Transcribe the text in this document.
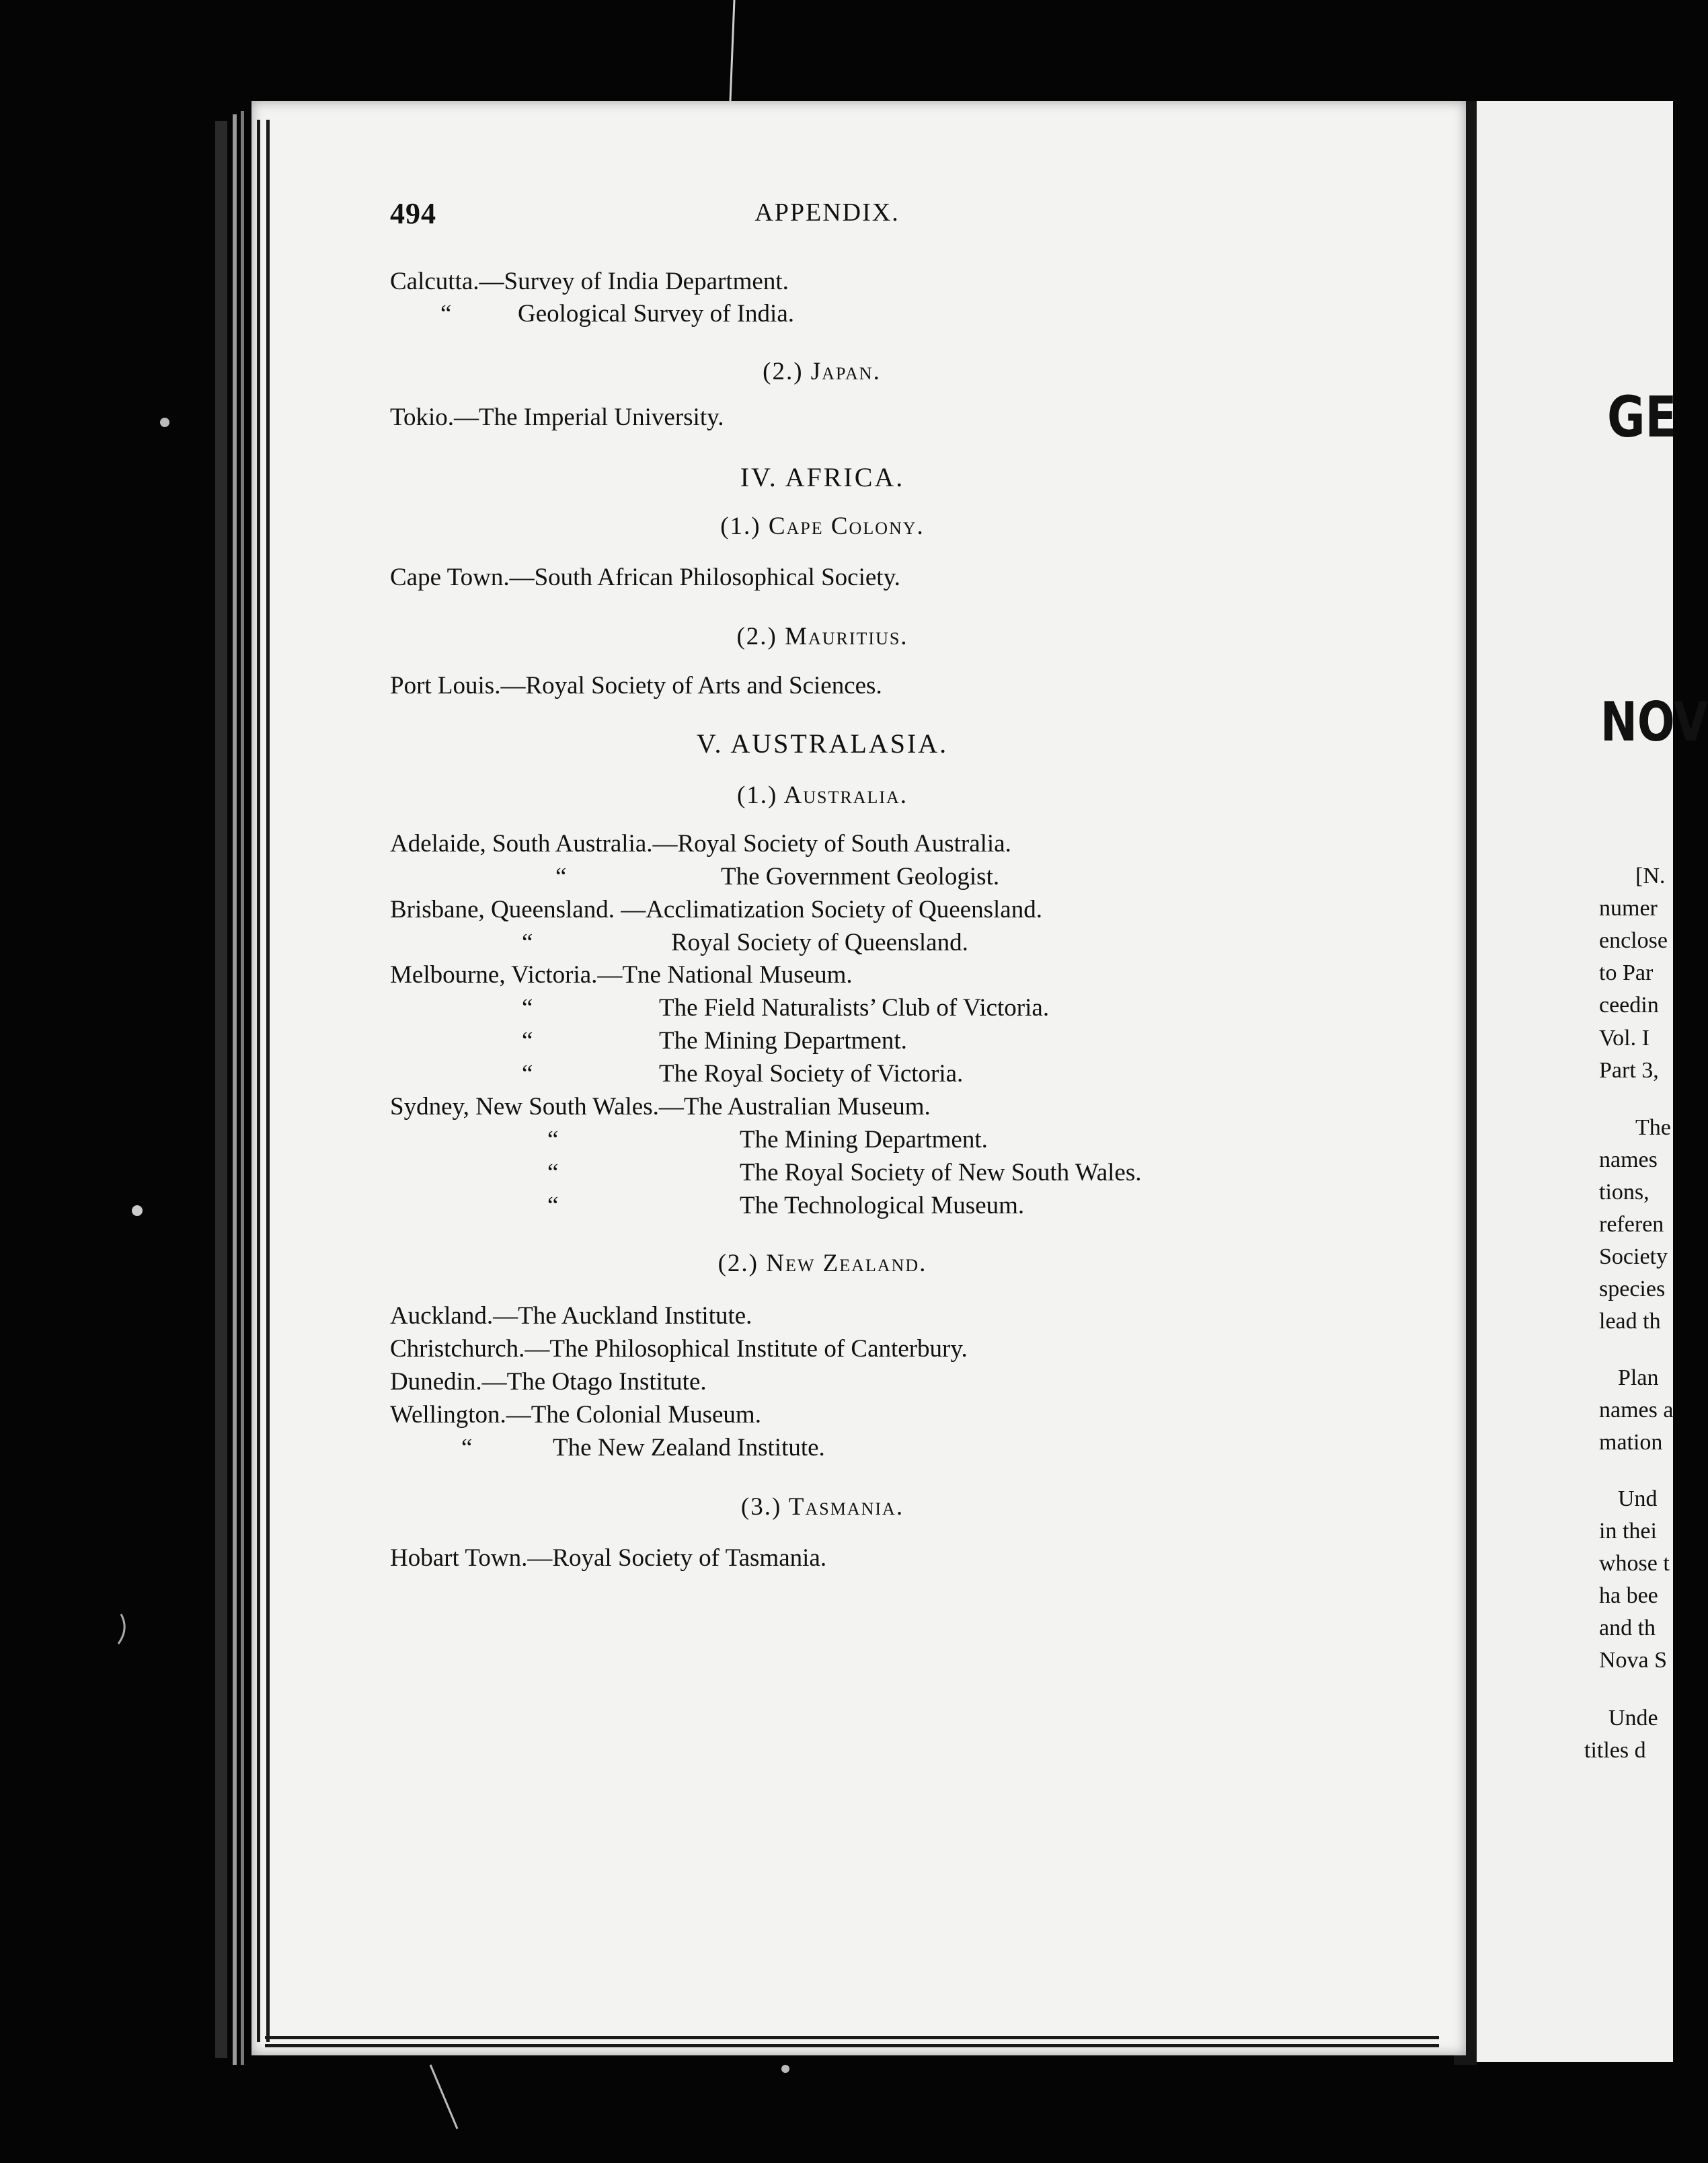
494	APPENDIX.
Calcutta.—Survey of India Department.
“	Geological Survey of India.
(2.) Japan.
Tokio.—The Imperial University.
IV. AFRICA.
(1.) Cape Colony.
Cape Town.—South African Philosophical Society.
(2.) Mauritius.
Port Louis.—Royal Society of Arts and Sciences.
V. AUSTRALASIA.
(1.) Australia.
Adelaide, South Australia.—Royal Society of South Australia.
“	The Government Geologist.
Brisbane, Queensland. —Acclimatization Society of Queensland.
“	Royal Society of Queensland.
Melbourne, Victoria.—Tne National Museum.
“	The Field Naturalists’ Club of Victoria.
“	The Mining Department.
“	The Royal Society of Victoria.
Sydney, New South Wales.—The Australian Museum.
“	The Mining Department.
“	The Royal Society of New South Wales.
“	The Technological Museum.
(2.) New Zealand.
Auckland.—The Auckland Institute.
Christchurch.—The Philosophical Institute of Canterbury.
Dunedin.—The Otago Institute.
Wellington.—The Colonial Museum.
“	The New Zealand Institute.
(3.) Tasmania.
Hobart Town.—Royal Society of Tasmania.
GE
NOV
[N.
numer
enclose
to Par
ceedin
Vol. I
Part 3,
The
names
tions,
referen
Society
species
lead th
Plan
names a
mation
Und
in thei
whose t
ha bee
and th
Nova S
Unde
titles d
